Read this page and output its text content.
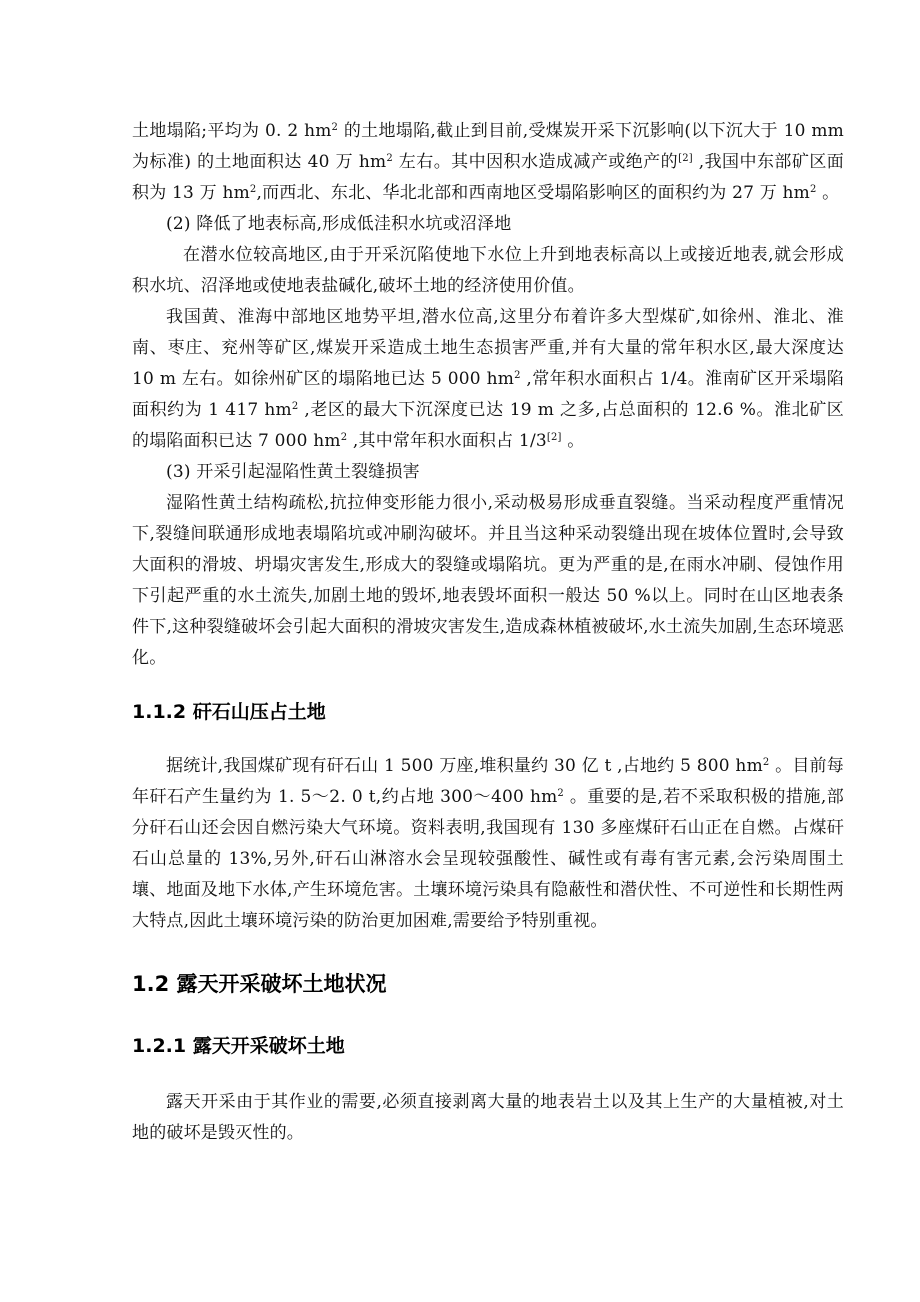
土地塌陷;平均为 0. 2 $hm^2$ 的土地塌陷,截止到目前,受煤炭开采下沉影响(以下沉大于 10 mm 为标准) 的土地面积达 40 万 $hm^2$ 左右。其中因积水造成减产或绝产的[2] ,我国中东部矿区面积为 13 万 $hm^2$,而西北、东北、华北北部和西南地区受塌陷影响区的面积约为 27 万 $hm^2$ 。

(2) 降低了地表标高,形成低洼积水坑或沼泽地

在潜水位较高地区,由于开采沉陷使地下水位上升到地表标高以上或接近地表,就会形成积水坑、沼泽地或使地表盐碱化,破坏土地的经济使用价值。

我国黄、淮海中部地区地势平坦,潜水位高,这里分布着许多大型煤矿,如徐州、淮北、淮南、枣庄、兖州等矿区,煤炭开采造成土地生态损害严重,并有大量的常年积水区,最大深度达 10 m 左右。如徐州矿区的塌陷地已达 5 000 $hm^2$ ,常年积水面积占 1/4。淮南矿区开采塌陷面积约为 1 417 $hm^2$ ,老区的最大下沉深度已达 19 m 之多,占总面积的 12.6 %。淮北矿区的塌陷面积已达 7 000 $hm^2$ ,其中常年积水面积占 1/3[2] 。

(3) 开采引起湿陷性黄土裂缝损害

湿陷性黄土结构疏松,抗拉伸变形能力很小,采动极易形成垂直裂缝。当采动程度严重情况下,裂缝间联通形成地表塌陷坑或冲刷沟破坏。并且当这种采动裂缝出现在坡体位置时,会导致大面积的滑坡、坍塌灾害发生,形成大的裂缝或塌陷坑。更为严重的是,在雨水冲刷、侵蚀作用下引起严重的水土流失,加剧土地的毁坏,地表毁坏面积一般达 50 %以上。同时在山区地表条件下,这种裂缝破坏会引起大面积的滑坡灾害发生,造成森林植被破坏,水土流失加剧,生态环境恶化。

1.1.2 矸石山压占土地

据统计,我国煤矿现有矸石山 1 500 万座,堆积量约 30 亿 t ,占地约 5 800 $hm^2$ 。目前每年矸石产生量约为 1. 5～2. 0 t,约占地 300～400 $hm^2$ 。重要的是,若不采取积极的措施,部分矸石山还会因自燃污染大气环境。资料表明,我国现有 130 多座煤矸石山正在自燃。占煤矸石山总量的 13%,另外,矸石山淋溶水会呈现较强酸性、碱性或有毒有害元素,会污染周围土壤、地面及地下水体,产生环境危害。土壤环境污染具有隐蔽性和潜伏性、不可逆性和长期性两大特点,因此土壤环境污染的防治更加困难,需要给予特别重视。

1.2 露天开采破坏土地状况
1.2.1 露天开采破坏土地

露天开采由于其作业的需要,必须直接剥离大量的地表岩土以及其上生产的大量植被,对土地的破坏是毁灭性的。
